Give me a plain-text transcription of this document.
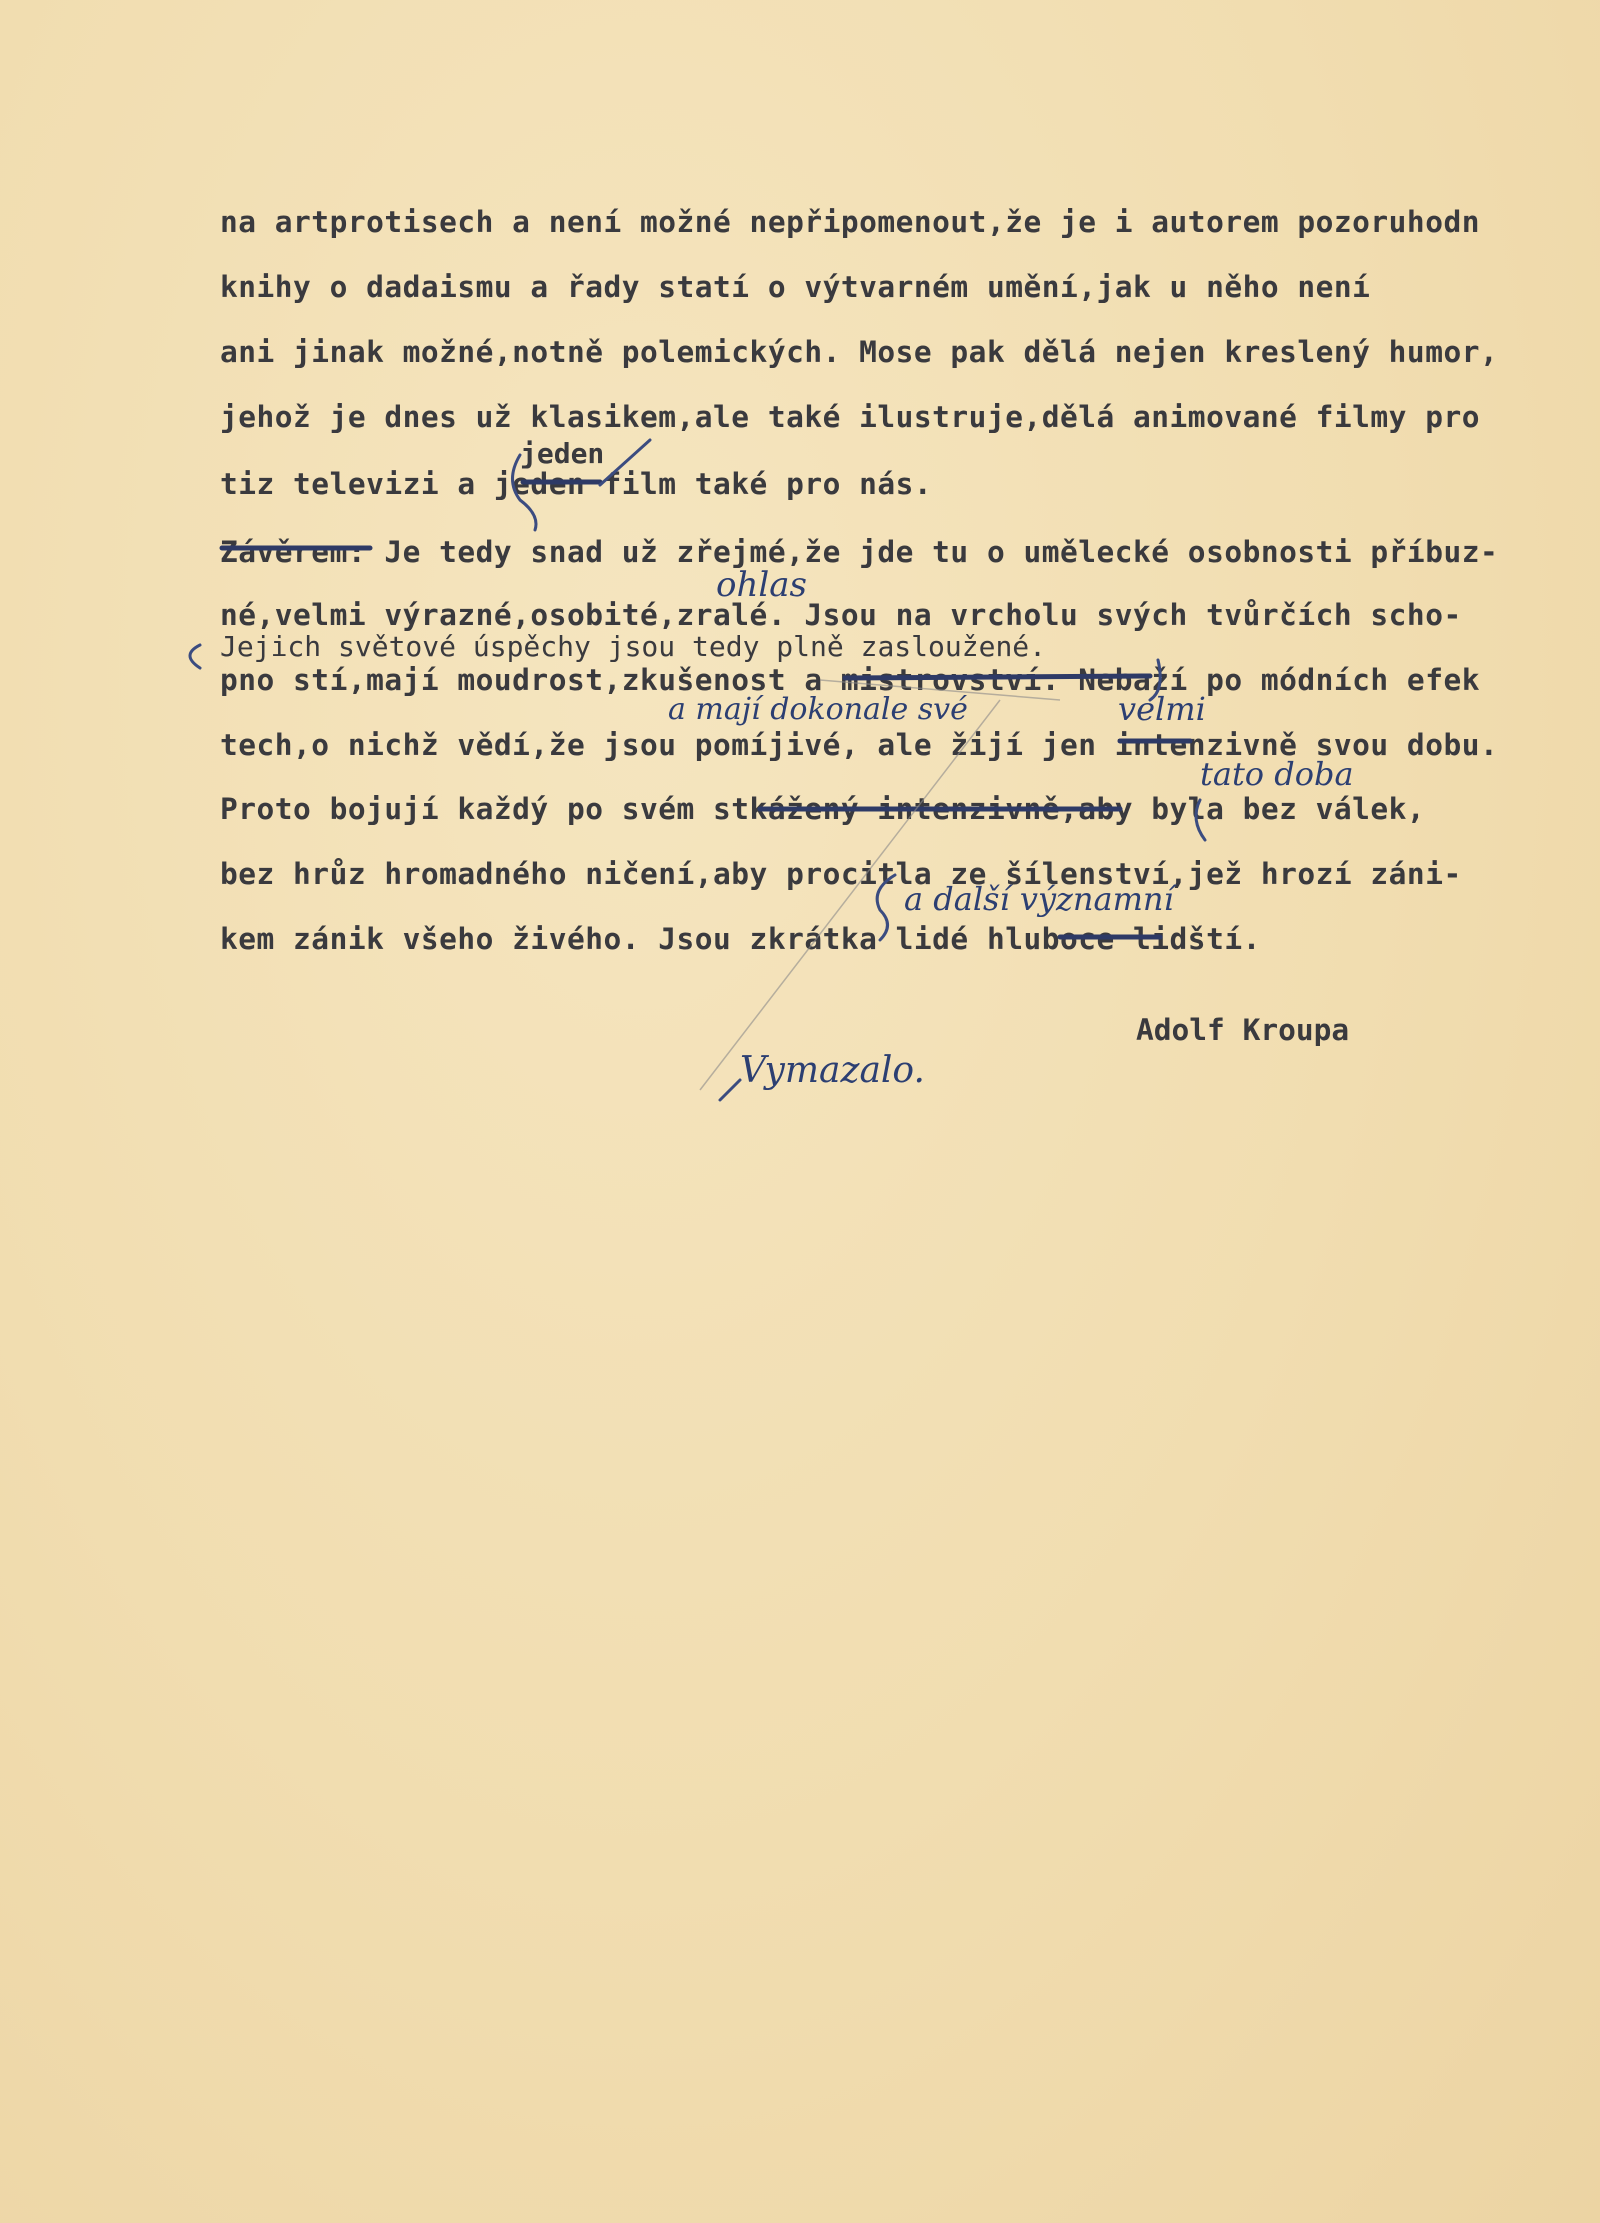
na artprotisech a není možné nepřipomenout,že je i autorem pozoruhodn
knihy o dadaismu a řady statí o výtvarném umění,jak u něho není
ani jinak možné,notně polemických. Mose pak dělá nejen kreslený humor,
jehož je dnes už klasikem,ale také ilustruje,dělá animované filmy pro
tiz televizi a jeden film také pro nás.
Závěrem: Je tedy snad už zřejmé,že jde tu o umělecké osobnosti příbuz-
né,velmi výrazné,osobité,zralé. Jsou na vrcholu svých tvůrčích scho-
pno stí,mají moudrost,zkušenost a mistrovství. Nebaží po módních efek
tech,o nichž vědí,že jsou pomíjivé, ale žijí jen intenzivně svou dobu.
Proto bojují každý po svém stkážený intenzivně,aby byla bez válek,
bez hrůz hromadného ničení,aby procitla ze šílenství,jež hrozí záni-
kem zánik všeho živého. Jsou zkrátka lidé hluboce lidští.
jeden
Jejich světové úspěchy jsou tedy plně zasloužené.
ohlas
a mají dokonale své	velmi
tato doba
a další významní
Vymazalo.
Adolf Kroupa
